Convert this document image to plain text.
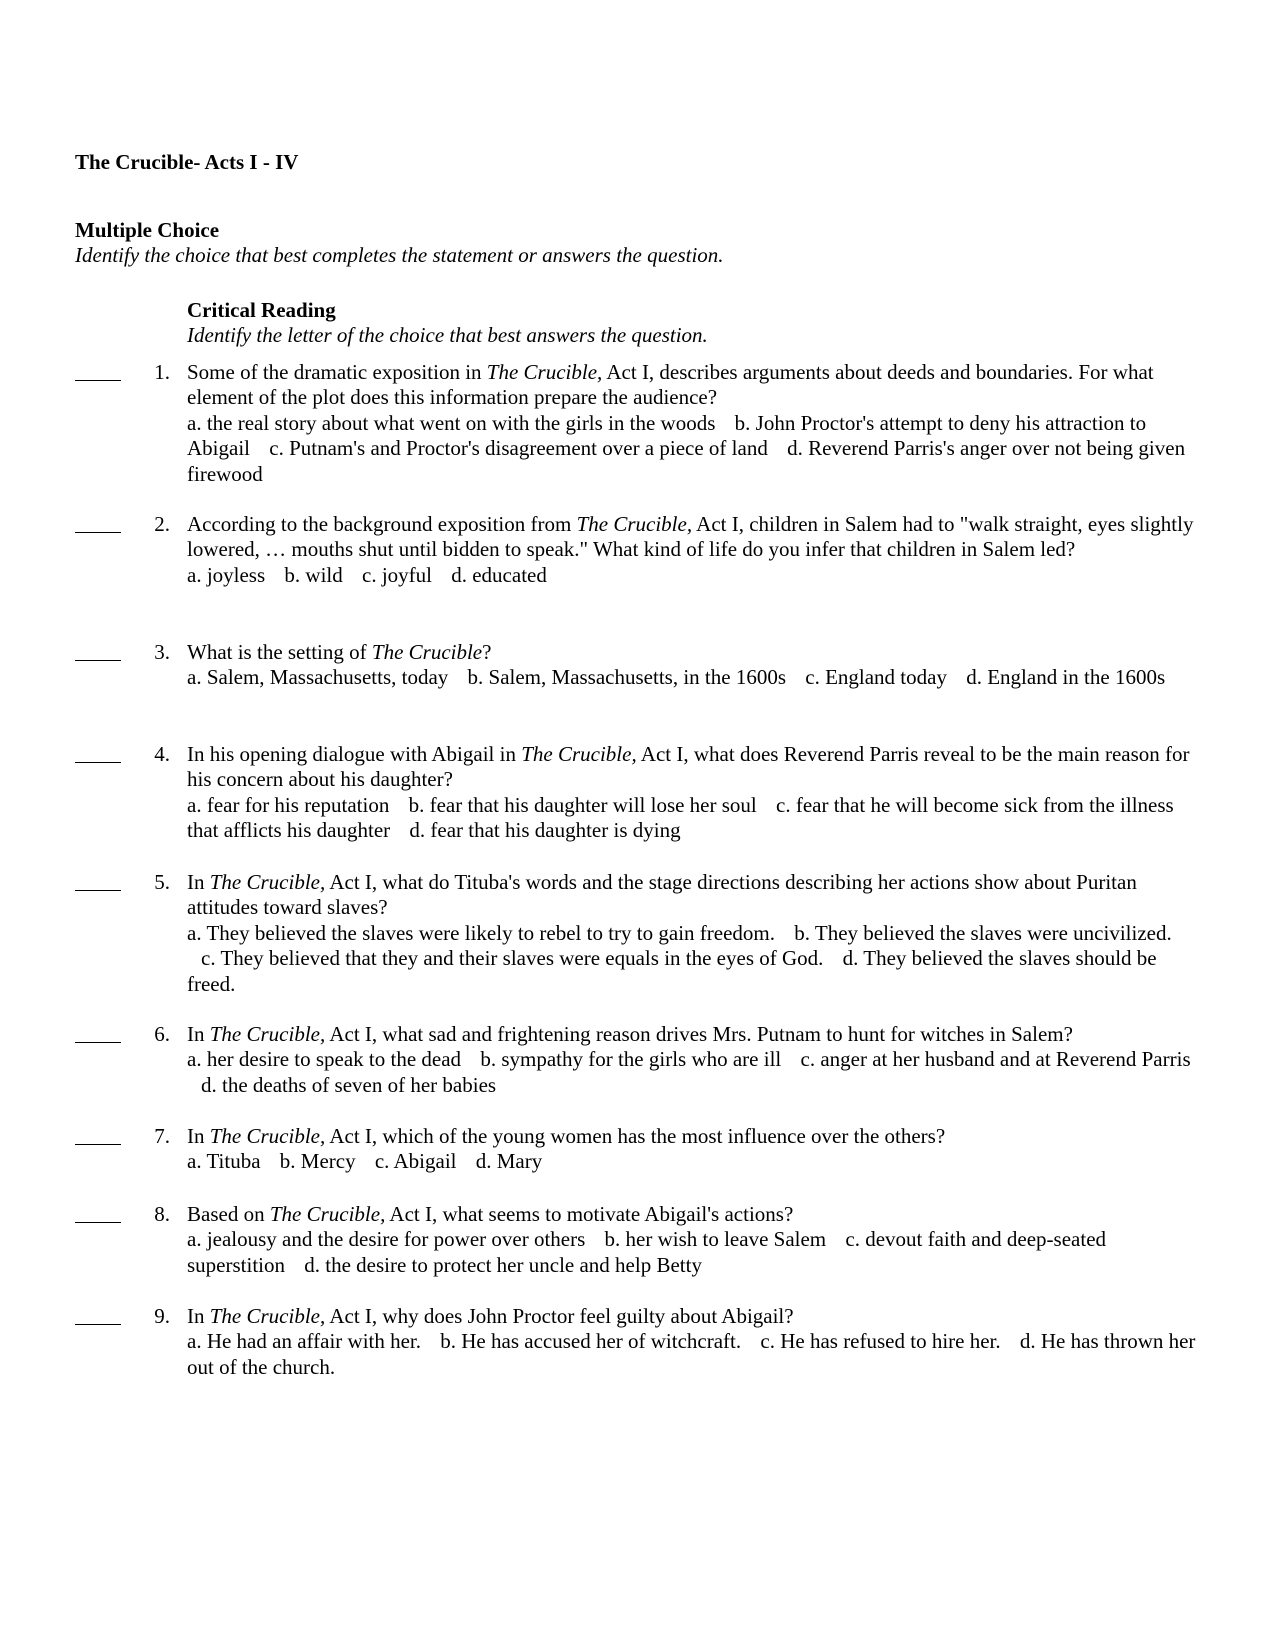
The Crucible- Acts I - IV
Multiple Choice
Identify the choice that best completes the statement or answers the question.
Critical Reading
Identify the letter of the choice that best answers the question.
1. Some of the dramatic exposition in The Crucible, Act I, describes arguments about deeds and boundaries. For what element of the plot does this information prepare the audience?

a. the real story about what went on with the girls in the woods b. John Proctor's attempt to deny his attraction to Abigail c. Putnam's and Proctor's disagreement over a piece of land d. Reverend Parris's anger over not being given firewood

2. According to the background exposition from The Crucible, Act I, children in Salem had to "walk straight, eyes slightly lowered, … mouths shut until bidden to speak." What kind of life do you infer that children in Salem led?

a. joyless b. wild c. joyful d. educated

3. What is the setting of The Crucible?

a. Salem, Massachusetts, today b. Salem, Massachusetts, in the 1600s c. England today d. England in the 1600s

4. In his opening dialogue with Abigail in The Crucible, Act I, what does Reverend Parris reveal to be the main reason for his concern about his daughter?

a. fear for his reputation b. fear that his daughter will lose her soul c. fear that he will become sick from the illness that afflicts his daughter d. fear that his daughter is dying

5. In The Crucible, Act I, what do Tituba's words and the stage directions describing her actions show about Puritan attitudes toward slaves?

a. They believed the slaves were likely to rebel to try to gain freedom. b. They believed the slaves were uncivilized. c. They believed that they and their slaves were equals in the eyes of God. d. They believed the slaves should be freed.

6. In The Crucible, Act I, what sad and frightening reason drives Mrs. Putnam to hunt for witches in Salem?

a. her desire to speak to the dead b. sympathy for the girls who are ill c. anger at her husband and at Reverend Parris d. the deaths of seven of her babies

7. In The Crucible, Act I, which of the young women has the most influence over the others?

a. Tituba b. Mercy c. Abigail d. Mary

8. Based on The Crucible, Act I, what seems to motivate Abigail's actions?

a. jealousy and the desire for power over others b. her wish to leave Salem c. devout faith and deep-seated superstition d. the desire to protect her uncle and help Betty

9. In The Crucible, Act I, why does John Proctor feel guilty about Abigail?

a. He had an affair with her. b. He has accused her of witchcraft. c. He has refused to hire her. d. He has thrown her out of the church.
